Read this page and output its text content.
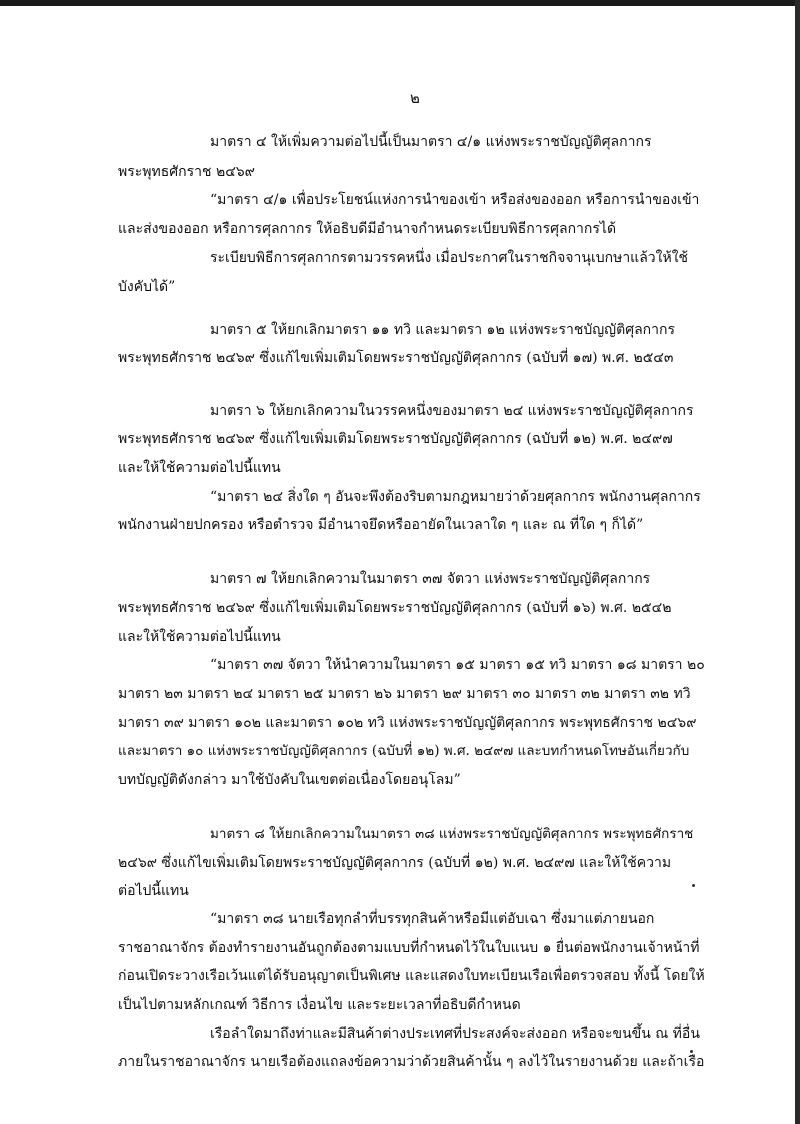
๒
มาตรา ๔ ให้เพิ่มความต่อไปนี้เป็นมาตรา ๔/๑ แห่งพระราชบัญญัติศุลกากร
พระพุทธศักราช ๒๔๖๙
“มาตรา ๔/๑ เพื่อประโยชน์แห่งการนำของเข้า หรือส่งของออก หรือการนำของเข้า
และส่งของออก หรือการศุลกากร ให้อธิบดีมีอำนาจกำหนดระเบียบพิธีการศุลกากรได้
ระเบียบพิธีการศุลกากรตามวรรคหนึ่ง เมื่อประกาศในราชกิจจานุเบกษาแล้วให้ใช้
บังคับได้”
มาตรา ๕ ให้ยกเลิกมาตรา ๑๑ ทวิ และมาตรา ๑๒ แห่งพระราชบัญญัติศุลกากร
พระพุทธศักราช ๒๔๖๙ ซึ่งแก้ไขเพิ่มเติมโดยพระราชบัญญัติศุลกากร (ฉบับที่ ๑๗) พ.ศ. ๒๕๔๓
มาตรา ๖ ให้ยกเลิกความในวรรคหนึ่งของมาตรา ๒๔ แห่งพระราชบัญญัติศุลกากร
พระพุทธศักราช ๒๔๖๙ ซึ่งแก้ไขเพิ่มเติมโดยพระราชบัญญัติศุลกากร (ฉบับที่ ๑๒) พ.ศ. ๒๔๙๗
และให้ใช้ความต่อไปนี้แทน
“มาตรา ๒๔ สิ่งใด ๆ อันจะพึงต้องริบตามกฎหมายว่าด้วยศุลกากร พนักงานศุลกากร
พนักงานฝ่ายปกครอง หรือตำรวจ มีอำนาจยึดหรืออายัดในเวลาใด ๆ และ ณ ที่ใด ๆ ก็ได้”
มาตรา ๗ ให้ยกเลิกความในมาตรา ๓๗ จัตวา แห่งพระราชบัญญัติศุลกากร
พระพุทธศักราช ๒๔๖๙ ซึ่งแก้ไขเพิ่มเติมโดยพระราชบัญญัติศุลกากร (ฉบับที่ ๑๖) พ.ศ. ๒๕๔๒
และให้ใช้ความต่อไปนี้แทน
“มาตรา ๓๗ จัตวา ให้นำความในมาตรา ๑๕ มาตรา ๑๕ ทวิ มาตรา ๑๘ มาตรา ๒๐
มาตรา ๒๓ มาตรา ๒๔ มาตรา ๒๕ มาตรา ๒๖ มาตรา ๒๙ มาตรา ๓๐ มาตรา ๓๒ มาตรา ๓๒ ทวิ
มาตรา ๓๙ มาตรา ๑๐๒ และมาตรา ๑๐๒ ทวิ แห่งพระราชบัญญัติศุลกากร พระพุทธศักราช ๒๔๖๙
และมาตรา ๑๐ แห่งพระราชบัญญัติศุลกากร (ฉบับที่ ๑๒) พ.ศ. ๒๔๙๗ และบทกำหนดโทษอันเกี่ยวกับ
บทบัญญัติดังกล่าว มาใช้บังคับในเขตต่อเนื่องโดยอนุโลม”
มาตรา ๘ ให้ยกเลิกความในมาตรา ๓๘ แห่งพระราชบัญญัติศุลกากร พระพุทธศักราช
๒๔๖๙ ซึ่งแก้ไขเพิ่มเติมโดยพระราชบัญญัติศุลกากร (ฉบับที่ ๑๒) พ.ศ. ๒๔๙๗ และให้ใช้ความ
ต่อไปนี้แทน
“มาตรา ๓๘ นายเรือทุกลำที่บรรทุกสินค้าหรือมีแต่อับเฉา ซึ่งมาแต่ภายนอก
ราชอาณาจักร ต้องทำรายงานอันถูกต้องตามแบบที่กำหนดไว้ในใบแนบ ๑ ยื่นต่อพนักงานเจ้าหน้าที่
ก่อนเปิดระวางเรือเว้นแต่ได้รับอนุญาตเป็นพิเศษ และแสดงใบทะเบียนเรือเพื่อตรวจสอบ ทั้งนี้ โดยให้
เป็นไปตามหลักเกณฑ์ วิธีการ เงื่อนไข และระยะเวลาที่อธิบดีกำหนด
เรือลำใดมาถึงท่าและมีสินค้าต่างประเทศที่ประสงค์จะส่งออก หรือจะขนขึ้น ณ ที่อื่น
ภายในราชอาณาจักร นายเรือต้องแถลงข้อความว่าด้วยสินค้านั้น ๆ ลงไว้ในรายงานด้วย และถ้าเรือ
